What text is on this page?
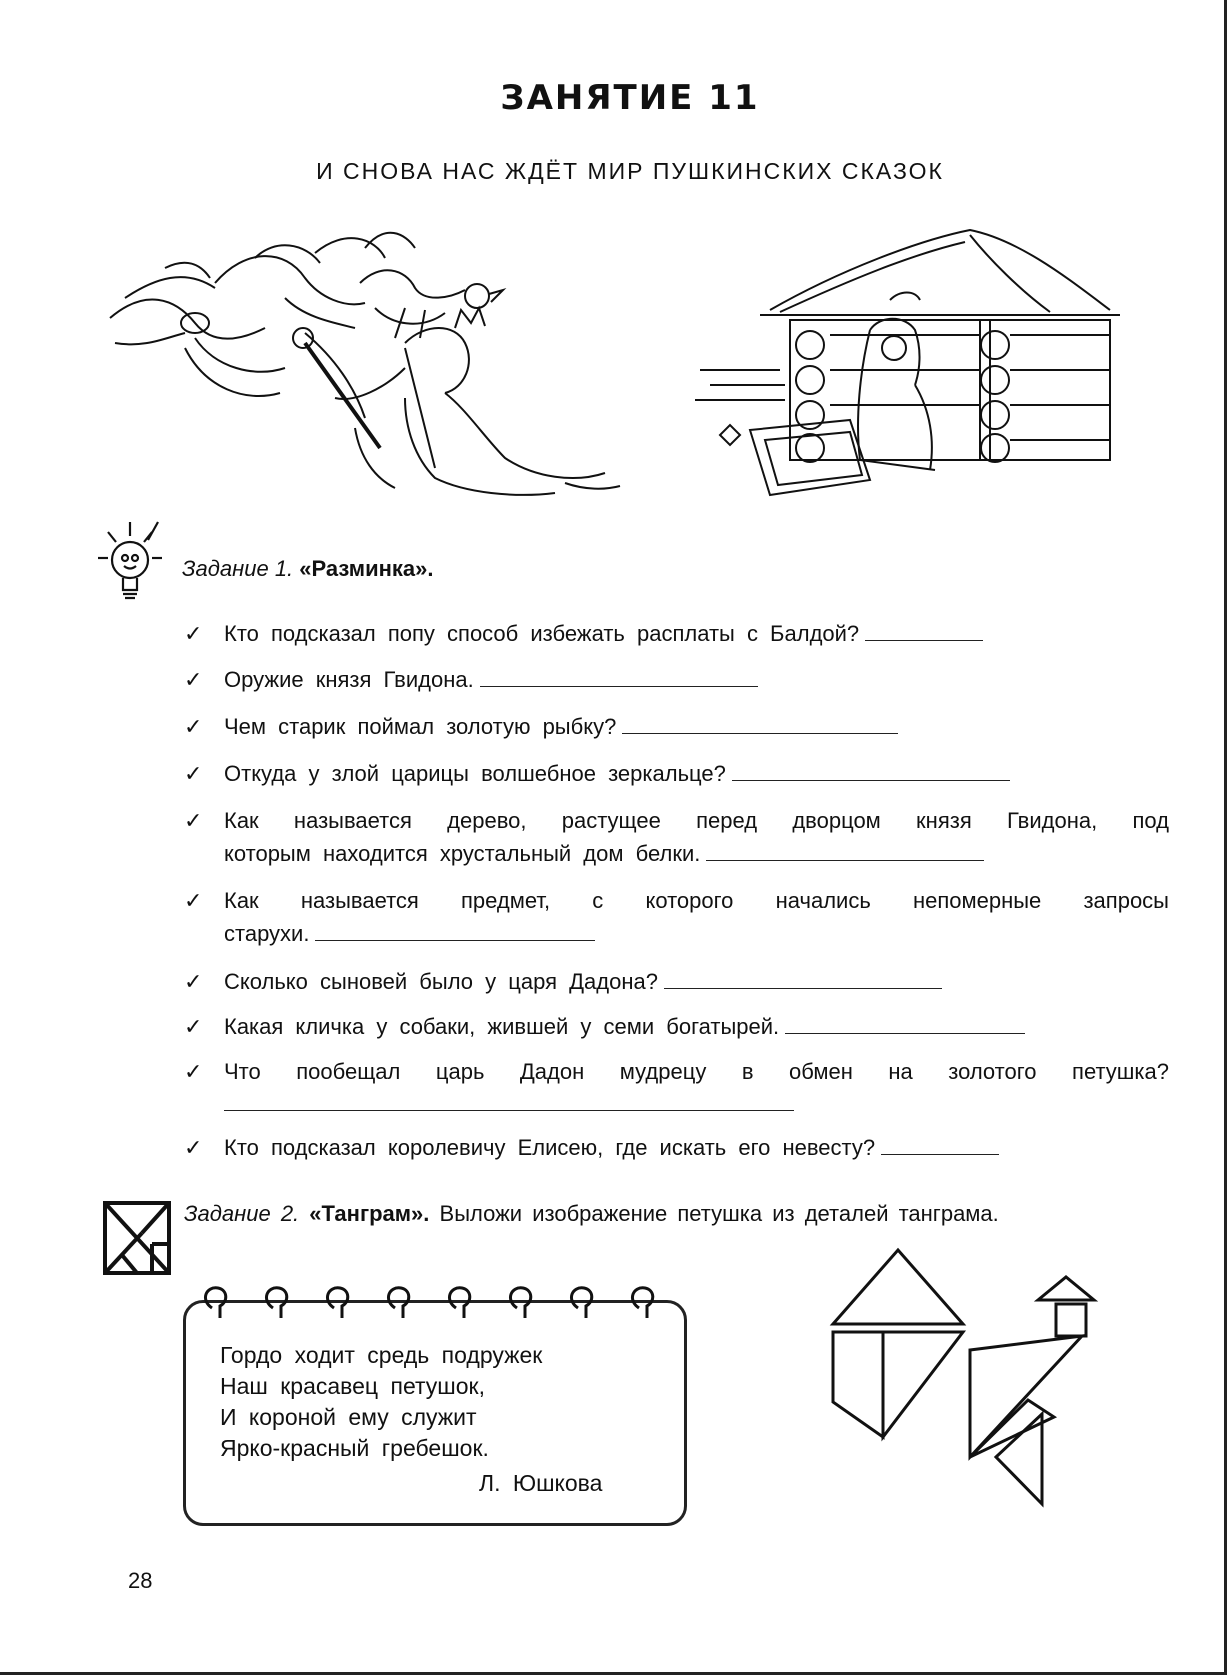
ЗАНЯТИЕ 11
И СНОВА НАС ЖДЁТ МИР ПУШКИНСКИХ СКАЗОК
Задание 1. «Разминка».
✓ Кто подсказал попу способ избежать расплаты с Балдой?
✓ Оружие князя Гвидона.
✓ Чем старик поймал золотую рыбку?
✓ Откуда у злой царицы волшебное зеркальце?
✓ Как называется дерево, растущее перед дворцом князя Гвидона, под
которым находится хрустальный дом белки.
✓ Как называется предмет, с которого начались непомерные запросы
старухи.
✓ Сколько сыновей было у царя Дадона?
✓ Какая кличка у собаки, жившей у семи богатырей.
✓ Что пообещал царь Дадон мудрецу в обмен на золотого петушка?
✓ Кто подсказал королевичу Елисею, где искать его невесту?
Задание 2. «Танграм». Выложи изображение петушка из деталей танграма.
Гордо ходит средь подружек
Наш красавец петушок,
И короной ему служит
Ярко-красный гребешок.
Л. Юшкова
28
